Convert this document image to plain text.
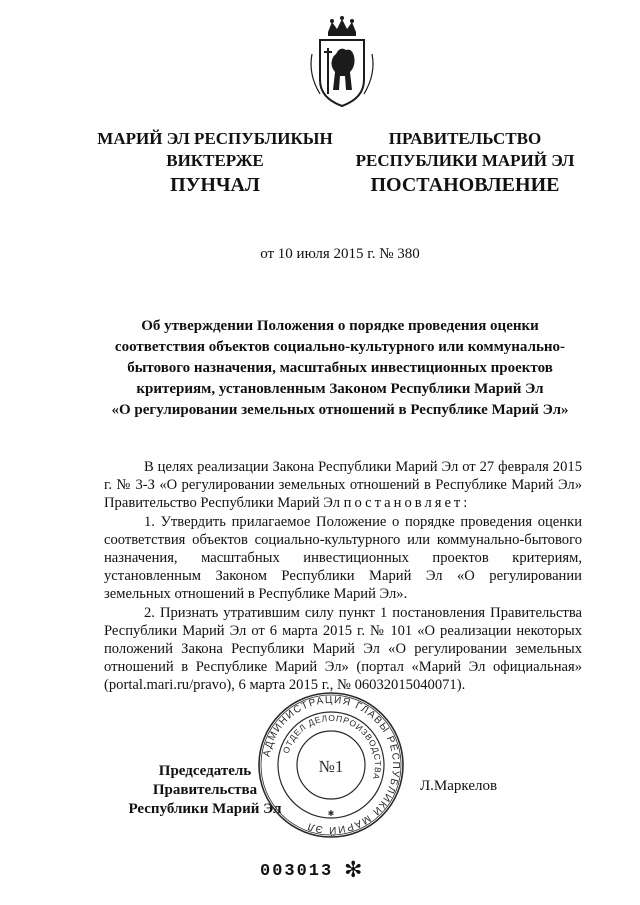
МАРИЙ ЭЛ РЕСПУБЛИКЫН
ВИКТЕРЖЕ
ПРАВИТЕЛЬСТВО
РЕСПУБЛИКИ МАРИЙ ЭЛ
ПУНЧАЛ	ПОСТАНОВЛЕНИЕ
от 10 июля 2015 г. № 380
Об утверждении Положения о порядке проведения оценки
соответствия объектов социально-культурного или коммунально-
бытового назначения, масштабных инвестиционных проектов
критериям, установленным Законом Республики Марий Эл
«О регулировании земельных отношений в Республике Марий Эл»

В целях реализации Закона Республики Марий Эл от 27 февраля 2015 г. № 3-З «О регулировании земельных отношений в Республике Марий Эл» Правительство Республики Марий Эл постановляет:

1. Утвердить прилагаемое Положение о порядке проведения оценки соответствия объектов социально-культурного или коммунально-бытового назначения, масштабных инвестиционных проектов критериям, установленным Законом Республики Марий Эл «О регулировании земельных отношений в Республике Марий Эл».

2. Признать утратившим силу пункт 1 постановления Правительства Республики Марий Эл от 6 марта 2015 г. № 101 «О реализации некоторых положений Закона Республики Марий Эл «О регулировании земельных отношений в Республике Марий Эл» (портал «Марий Эл официальная» (portal.mari.ru/pravo), 6 марта 2015 г., № 06032015040071).

Председатель Правительства
Республики Марий Эл
Л.Маркелов
АДМИНИСТРАЦИЯ ГЛАВЫ РЕСПУБЛИКИ МАРИЙ ЭЛ
ОТДЕЛ ДЕЛОПРОИЗВОДСТВА
№1
✱
003013 ✻
